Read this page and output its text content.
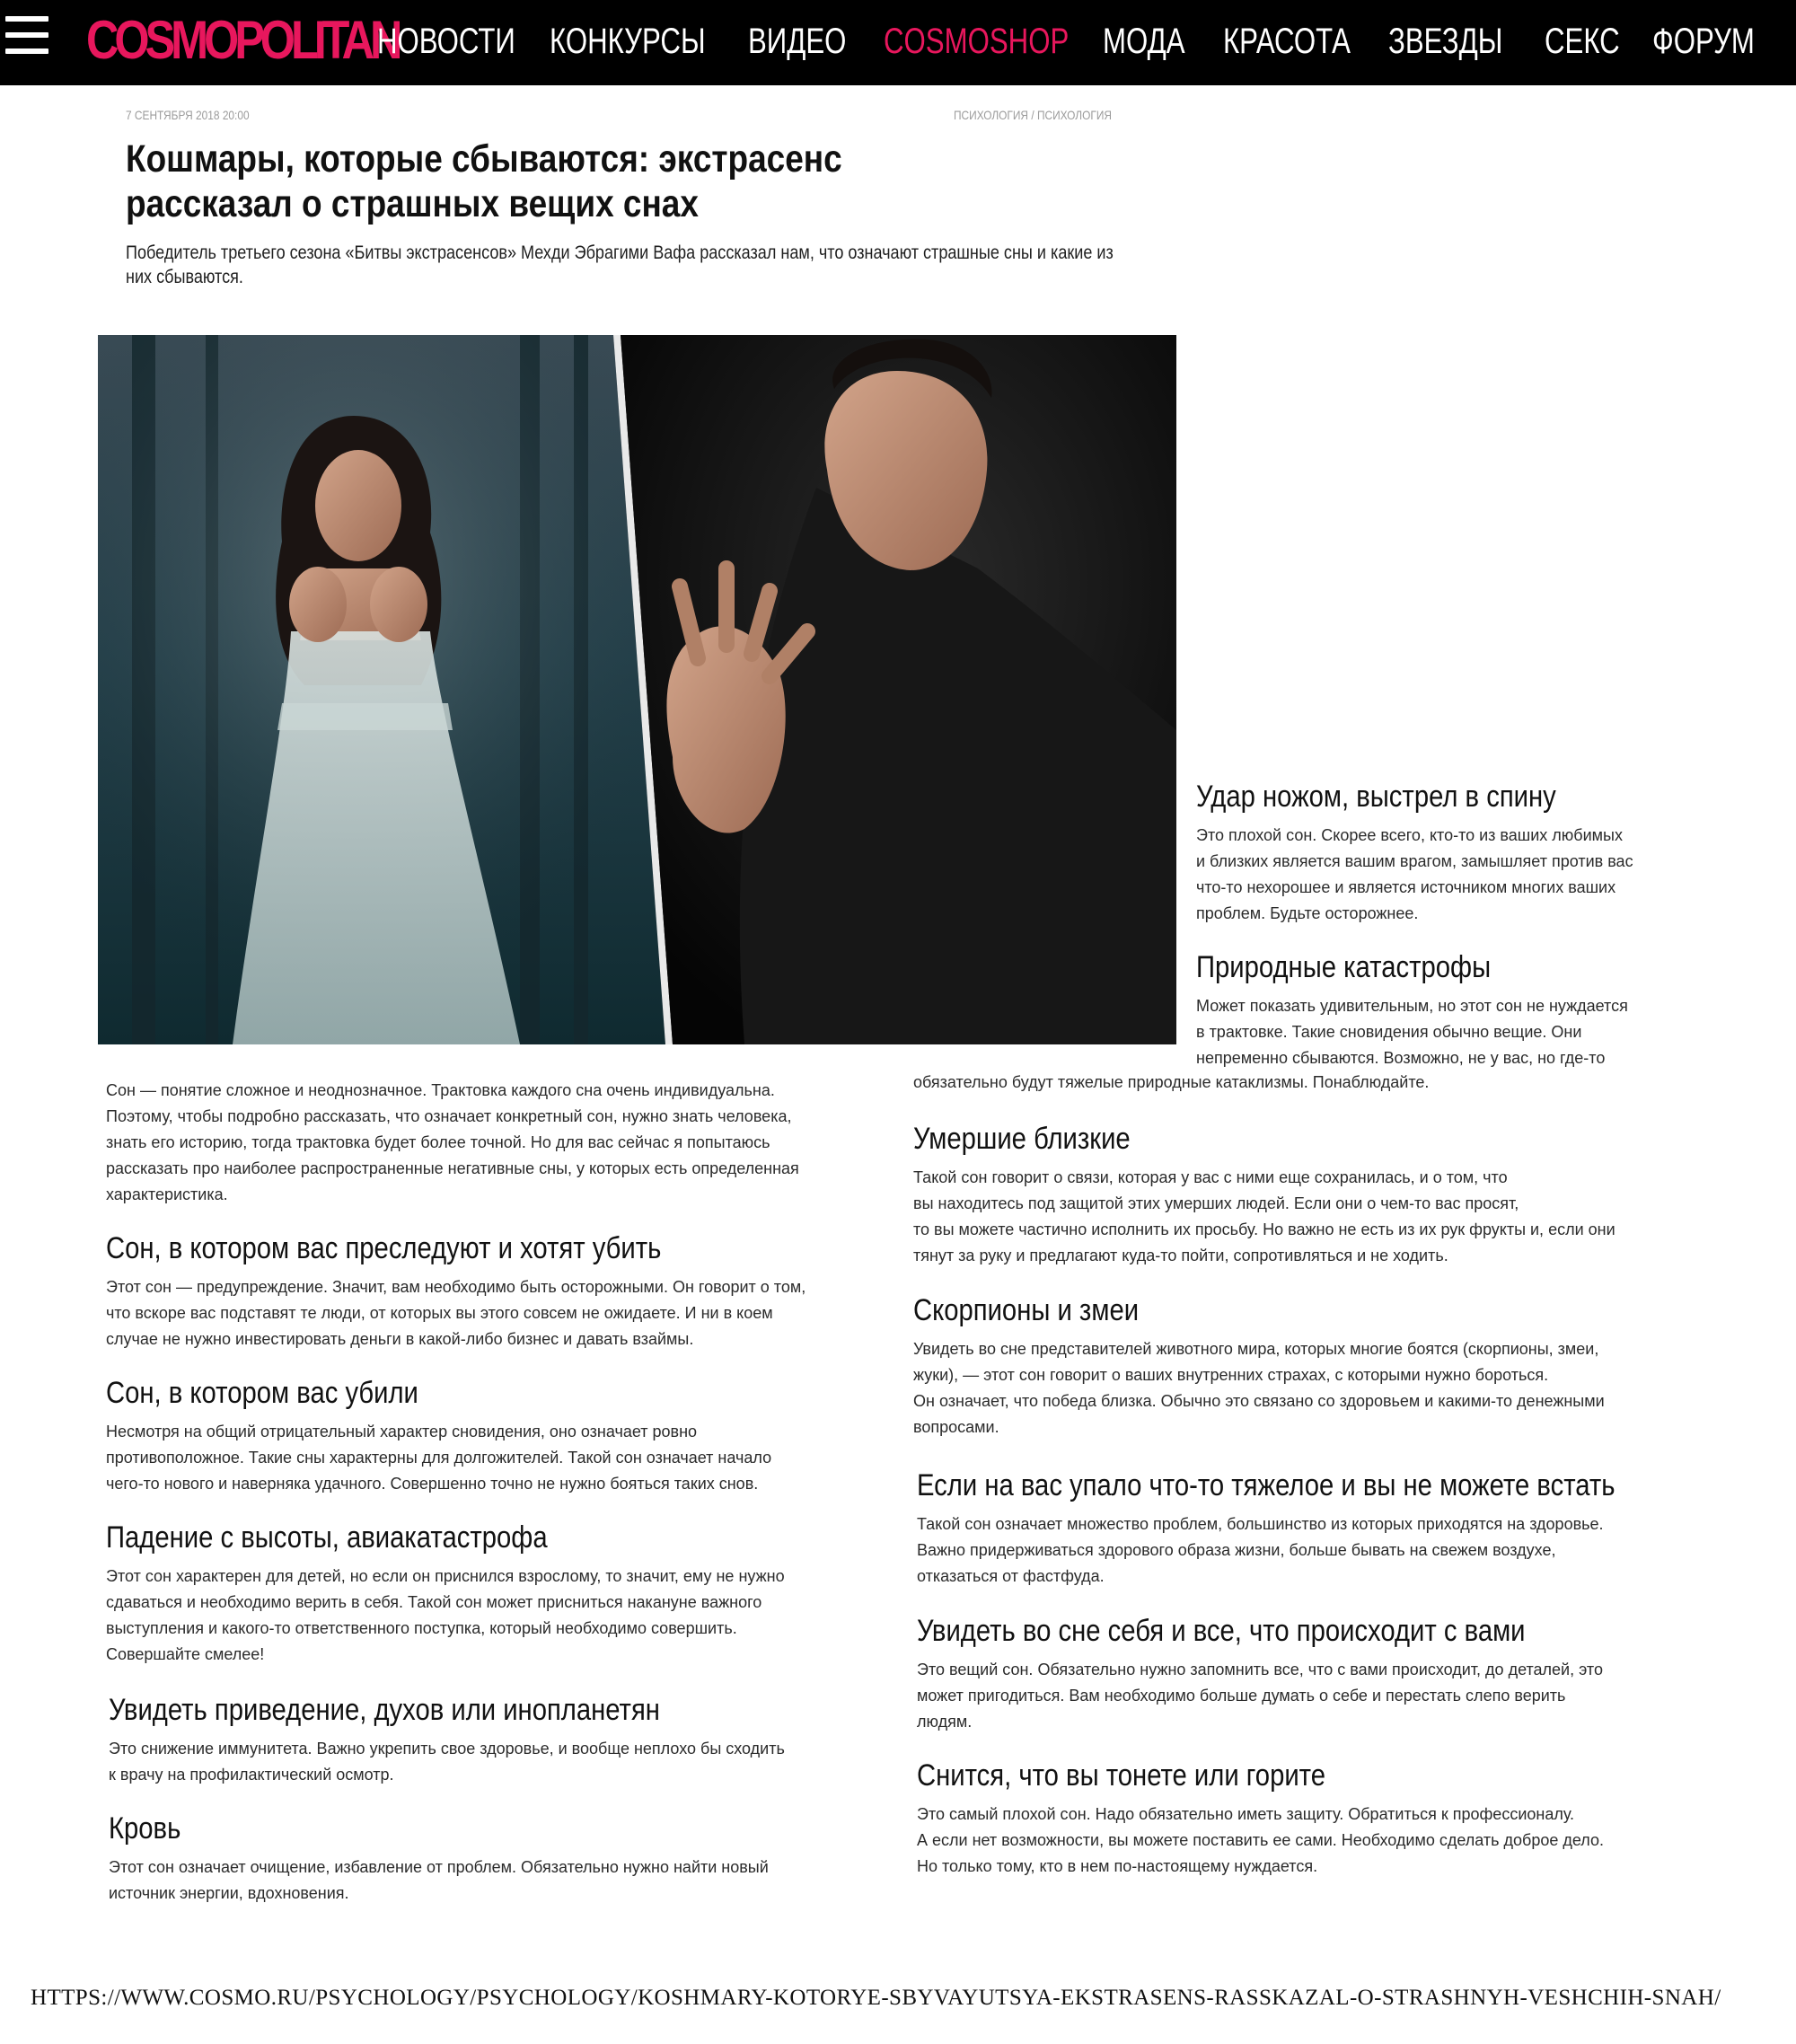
COSMOPOLITAN
НОВОСТИ КОНКУРСЫ ВИДЕО COSMOSHOP МОДА КРАСОТА ЗВЕЗДЫ СЕКС ФОРУМ
7 СЕНТЯБРЯ 2018 20:00	ПСИХОЛОГИЯ / ПСИХОЛОГИЯ
Кошмары, которые сбываются: экстрасенс рассказал о страшных вещих снах

Победитель третьего сезона «Битвы экстрасенсов» Мехди Эбрагими Вафа рассказал нам, что означают страшные сны и какие из них сбываются.

Сон — понятие сложное и неоднозначное. Трактовка каждого сна очень индивидуальна.
Поэтому, чтобы подробно рассказать, что означает конкретный сон, нужно знать человека,
знать его историю, тогда трактовка будет более точной. Но для вас сейчас я попытаюсь
рассказать про наиболее распространенные негативные сны, у которых есть определенная
характеристика.
Сон, в котором вас преследуют и хотят убить
Этот сон — предупреждение. Значит, вам необходимо быть осторожными. Он говорит о том,
что вскоре вас подставят те люди, от которых вы этого совсем не ожидаете. И ни в коем
случае не нужно инвестировать деньги в какой-либо бизнес и давать взаймы.
Сон, в котором вас убили
Несмотря на общий отрицательный характер сновидения, оно означает ровно
противоположное. Такие сны характерны для долгожителей. Такой сон означает начало
чего-то нового и наверняка удачного. Совершенно точно не нужно бояться таких снов.
Падение с высоты, авиакатастрофа
Этот сон характерен для детей, но если он приснился взрослому, то значит, ему не нужно
сдаваться и необходимо верить в себя. Такой сон может присниться накануне важного
выступления и какого-то ответственного поступка, который необходимо совершить.
Совершайте смелее!
Увидеть приведение, духов или инопланетян
Это снижение иммунитета. Важно укрепить свое здоровье, и вообще неплохо бы сходить
к врачу на профилактический осмотр.
Кровь
Этот сон означает очищение, избавление от проблем. Обязательно нужно найти новый
источник энергии, вдохновения.
Удар ножом, выстрел в спину
Это плохой сон. Скорее всего, кто-то из ваших любимых
и близких является вашим врагом, замышляет против вас
что-то нехорошее и является источником многих ваших
проблем. Будьте осторожнее.
Природные катастрофы
Может показать удивительным, но этот сон не нуждается
в трактовке. Такие сновидения обычно вещие. Они
непременно сбываются. Возможно, не у вас, но где-то
обязательно будут тяжелые природные катаклизмы. Понаблюдайте.
Умершие близкие
Такой сон говорит о связи, которая у вас с ними еще сохранилась, и о том, что
вы находитесь под защитой этих умерших людей. Если они о чем-то вас просят,
то вы можете частично исполнить их просьбу. Но важно не есть из их рук фрукты и, если они
тянут за руку и предлагают куда-то пойти, сопротивляться и не ходить.
Скорпионы и змеи
Увидеть во сне представителей животного мира, которых многие боятся (скорпионы, змеи,
жуки), — этот сон говорит о ваших внутренних страхах, с которыми нужно бороться.
Он означает, что победа близка. Обычно это связано со здоровьем и какими-то денежными
вопросами.
Если на вас упало что-то тяжелое и вы не можете встать
Такой сон означает множество проблем, большинство из которых приходятся на здоровье.
Важно придерживаться здорового образа жизни, больше бывать на свежем воздухе,
отказаться от фастфуда.
Увидеть во сне себя и все, что происходит с вами
Это вещий сон. Обязательно нужно запомнить все, что с вами происходит, до деталей, это
может пригодиться. Вам необходимо больше думать о себе и перестать слепо верить
людям.
Снится, что вы тонете или горите
Это самый плохой сон. Надо обязательно иметь защиту. Обратиться к профессионалу.
А если нет возможности, вы можете поставить ее сами. Необходимо сделать доброе дело.
Но только тому, кто в нем по-настоящему нуждается.
HTTPS://WWW.COSMO.RU/PSYCHOLOGY/PSYCHOLOGY/KOSHMARY-KOTORYE-SBYVAYUTSYA-EKSTRASENS-RASSKAZAL-O-STRASHNYH-VESHCHIH-SNAH/
